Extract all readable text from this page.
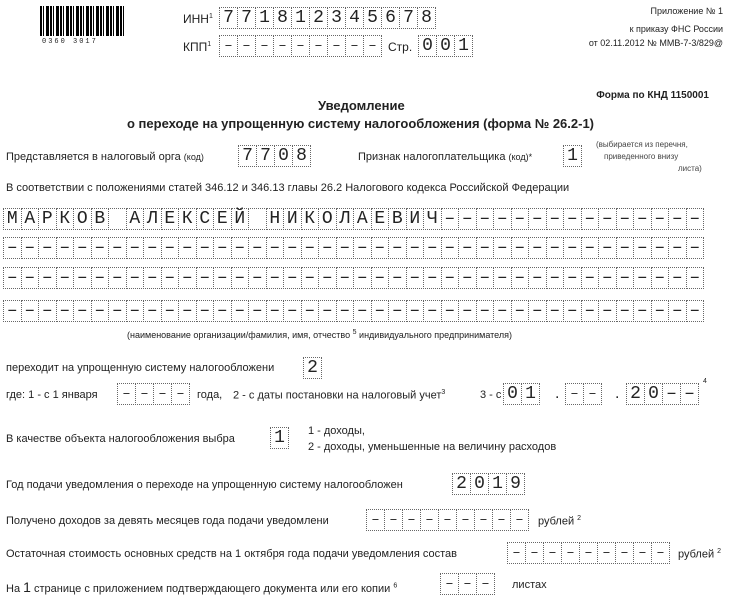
0360 3017
ИНН$^1$ 7 7 1 8 1 2 3 4 5 6 7 8
КПП$^1$ – – – – – – – – – Стр. 0 0 1
Приложение № 1
к приказу ФНС России
от 02.11.2012 № ММВ-7-3/829@
Форма по КНД 1150001
Уведомление
о переходе на упрощенную систему налогообложения (форма № 26.2-1)
Представляется в налоговый орга (код) 7 7 0 8	Признак налогоплательщика (код)* 1
(выбирается из перечня,
приведенного внизу
листа)
В соответствии с положениями статей 346.12 и 346.13 главы 26.2 Налогового кодекса Российской Федерации
М А Р К О В А Л Е К С Е Й Н И К О Л А Е В И Ч – – – – – – – – – – – – – – –
– – – – – – – – – – – – – – – – – – – – – – – – – – – – – – – – – – – – – – – –
– – – – – – – – – – – – – – – – – – – – – – – – – – – – – – – – – – – – – – – –
– – – – – – – – – – – – – – – – – – – – – – – – – – – – – – – – – – – – – – – –
(наименование организации/фамилия, имя, отчество $^5$ индивидуального предпринимателя)
переходит на упрощенную систему налогообложени 2
где: 1 - с 1 января	– – – –	года, 2 - с даты постановки на налоговый учет$^3$	3 - с 0 1 . – –	. 2 0 – –
4
В качестве объекта налогообложения выбра 1	1 - доходы,
2 - доходы, уменьшенные на величину расходов
Год подачи уведомления о переходе на упрощенную систему налогообложен	2 0 1 9
Получено доходов за девять месяцев года подачи уведомлени	– – – – – – – – –	рублей $^2$
Остаточная стоимость основных средств на 1 октября года подачи уведомления состав	– – – – – – – – –	рублей $^2$
На 1 странице с приложением подтверждающего документа или его копии $^6$	– – –	листах
